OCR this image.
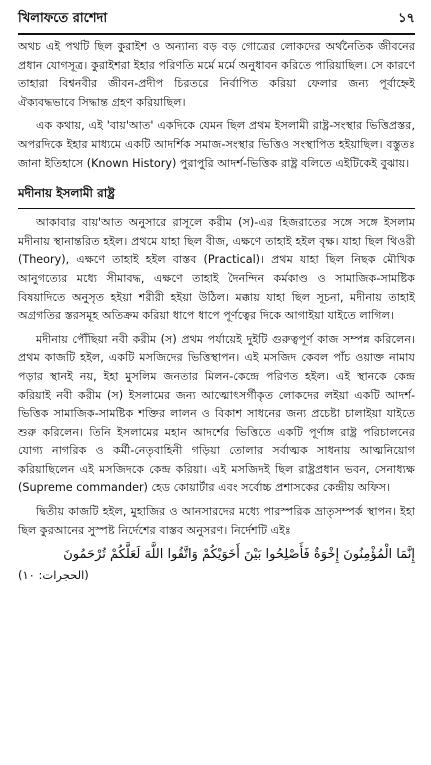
খিলাফতে রাশেদা	১৭

অথচ এই পথটি ছিল কুরাইশ ও অন্যান্য বড় বড় গোত্রের লোকদের অর্থনৈতিক জীবনের প্রধান যোগসূত্র। কুরাইশরা ইহার পরিণতি মর্মে মর্মে অনুধাবন করিতে পারিয়াছিল। সে কারণে তাহারা বিশ্বনবীর জীবন-প্রদীপ চিরতরে নির্বাপিত করিয়া ফেলার জন্য পূর্বাহ্নেই ঐক্যবদ্ধভাবে সিদ্ধান্ত গ্রহণ করিয়াছিল।

এক কথায়, এই 'বায়'আত' একদিকে যেমন ছিল প্রথম ইসলামী রাষ্ট্র-সংস্থার ভিত্তিপ্রস্তর, অপরদিকে ইহার মাধ্যমে একটি আদর্শিক সমাজ-সংস্থার ভিত্তিও সংস্থাপিত হইয়াছিল। বস্তুতঃ জানা ইতিহাসে (Known History) পুরাপুরি আদর্শ-ভিত্তিক রাষ্ট্র বলিতে এইটিকেই বুঝায়।

মদীনায় ইসলামী রাষ্ট্র

আকাবার বায়'আত অনুসারে রাসূলে করীম (স)-এর হিজরাতের সঙ্গে সঙ্গে ইসলাম মদীনায় স্থানান্তরিত হইল। প্রথমে যাহা ছিল বীজ, এক্ষণে তাহাই হইল বৃক্ষ। যাহা ছিল থিওরী (Theory), এক্ষণে তাহাই হইল বাস্তব (Practical)। প্রথম যাহা ছিল নিছক মৌখিক আনুগত্যের মধ্যে সীমাবদ্ধ, এক্ষণে তাহাই দৈনন্দিন কর্মকাণ্ড ও সামাজিক-সামষ্টিক বিষয়াদিতে অনুসৃত হইয়া শরীরী হইয়া উঠিল। মক্কায় যাহা ছিল সূচনা, মদীনায় তাহাই অগ্রগতির স্তরসমূহ অতিক্রম করিয়া ধাপে ধাপে পূর্ণত্বের দিকে আগাইয়া যাইতে লাগিল।

মদীনায় পৌঁছিয়া নবী করীম (স) প্রথম পর্যায়েই দুইটি গুরুত্বপূর্ণ কাজ সম্পন্ন করিলেন। প্রথম কাজটি হইল, একটি মসজিদের ভিত্তিস্থাপন। এই মসজিদ কেবল পাঁচ ওয়াক্ত নামায পড়ার স্থানই নয়, ইহা মুসলিম জনতার মিলন-কেন্দ্রে পরিণত হইল। এই স্থানকে কেন্দ্র করিয়াই নবী করীম (স) ইসলামের জন্য আত্মোৎসর্গীকৃত লোকদের লইয়া একটি আদর্শ-ভিত্তিক সামাজিক-সামষ্টিক শক্তির লালন ও বিকাশ সাধনের জন্য প্রচেষ্টা চালাইয়া যাইতে শুরু করিলেন। তিনি ইসলামের মহান আদর্শের ভিত্তিতে একটি পূর্ণাঙ্গ রাষ্ট্র পরিচালনের যোগ্য নাগরিক ও কর্মী-নেতৃবাহিনী গড়িয়া তোলার সর্বাত্মক সাধনায় আত্মনিয়োগ করিয়াছিলেন এই মসজিদকে কেন্দ্র করিয়া। এই মসজিদই ছিল রাষ্ট্রপ্রধান ভবন, সেনাধ্যক্ষ (Supreme commander) হেড কোয়ার্টার এবং সর্বোচ্চ প্রশাসকের কেন্দ্রীয় অফিস।

দ্বিতীয় কাজটি হইল, মুহাজির ও আনসারদের মধ্যে পারস্পরিক ভ্রাতৃসম্পর্ক স্থাপন। ইহা ছিল কুরআনের সুস্পষ্ট নির্দেশের বাস্তব অনুসরণ। নির্দেশটি এইঃ

إِنَّمَا الْمُؤْمِنُونَ إِخْوَةٌ فَأَصْلِحُوا بَيْنَ أَخَوَيْكُمْ وَاتَّقُوا اللَّهَ لَعَلَّكُمْ تُرْحَمُونَ
(الحجرات: ١٠)
